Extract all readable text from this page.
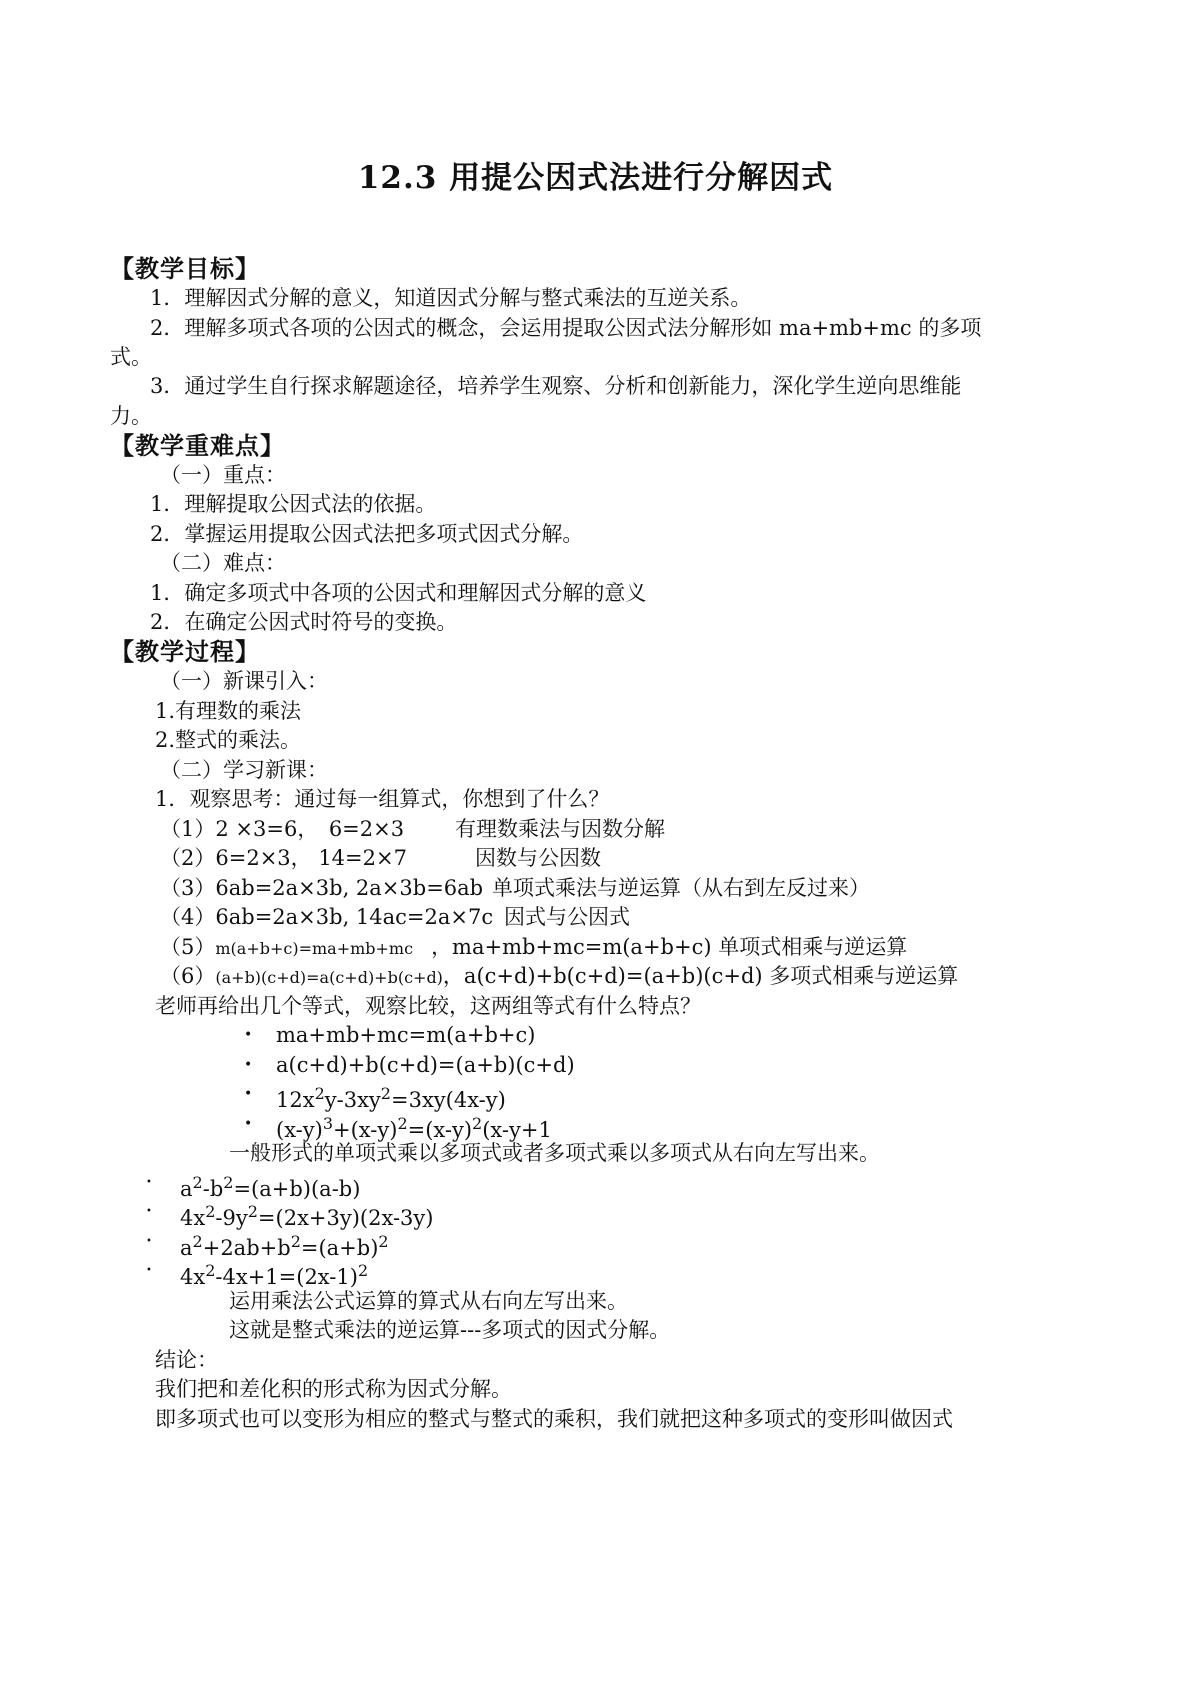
12.3 用提公因式法进行分解因式
【教学目标】
1．理解因式分解的意义，知道因式分解与整式乘法的互逆关系。
2．理解多项式各项的公因式的概念，会运用提取公因式法分解形如 ma+mb+mc 的多项
式。
3．通过学生自行探求解题途径，培养学生观察、分析和创新能力，深化学生逆向思维能
力。
【教学重难点】
（一）重点：
1．理解提取公因式法的依据。
2．掌握运用提取公因式法把多项式因式分解。
（二）难点：
1．确定多项式中各项的公因式和理解因式分解的意义
2．在确定公因式时符号的变换。
【教学过程】
（一）新课引入：
1.有理数的乘法
2.整式的乘法。
（二）学习新课：
1．观察思考：通过每一组算式，你想到了什么？
（1）2 ×3=6，　6=2×3 有理数乘法与因数分解
（2）6=2×3， 14=2×7	因数与公因数
（3）6ab=2a×3b, 2a×3b=6ab 单项式乘法与逆运算（从右到左反过来）
（4）6ab=2a×3b, 14ac=2a×7c 因式与公因式
（5）m(a+b+c)=ma+mb+mc ，ma+mb+mc=m(a+b+c) 单项式相乘与逆运算
（6）(a+b)(c+d)=a(c+d)+b(c+d)，a(c+d)+b(c+d)=(a+b)(c+d) 多项式相乘与逆运算
老师再给出几个等式，观察比较，这两组等式有什么特点？
• ma+mb+mc=m(a+b+c)
• a(c+d)+b(c+d)=(a+b)(c+d)
• $12x^2y-3xy^2=3xy(4x-y)$
• $(x-y)^3+(x-y)^2=(x-y)^2(x-y+1$
一般形式的单项式乘以多项式或者多项式乘以多项式从右向左写出来。
• $a^2-b^2=(a+b)(a-b)$
• $4x^2-9y^2=(2x+3y)(2x-3y)$
• $a^2+2ab+b^2=(a+b)^2$
• $4x^2-4x+1=(2x-1)^2$
运用乘法公式运算的算式从右向左写出来。
这就是整式乘法的逆运算---多项式的因式分解。
结论：
我们把和差化积的形式称为因式分解。
即多项式也可以变形为相应的整式与整式的乘积，我们就把这种多项式的变形叫做因式
